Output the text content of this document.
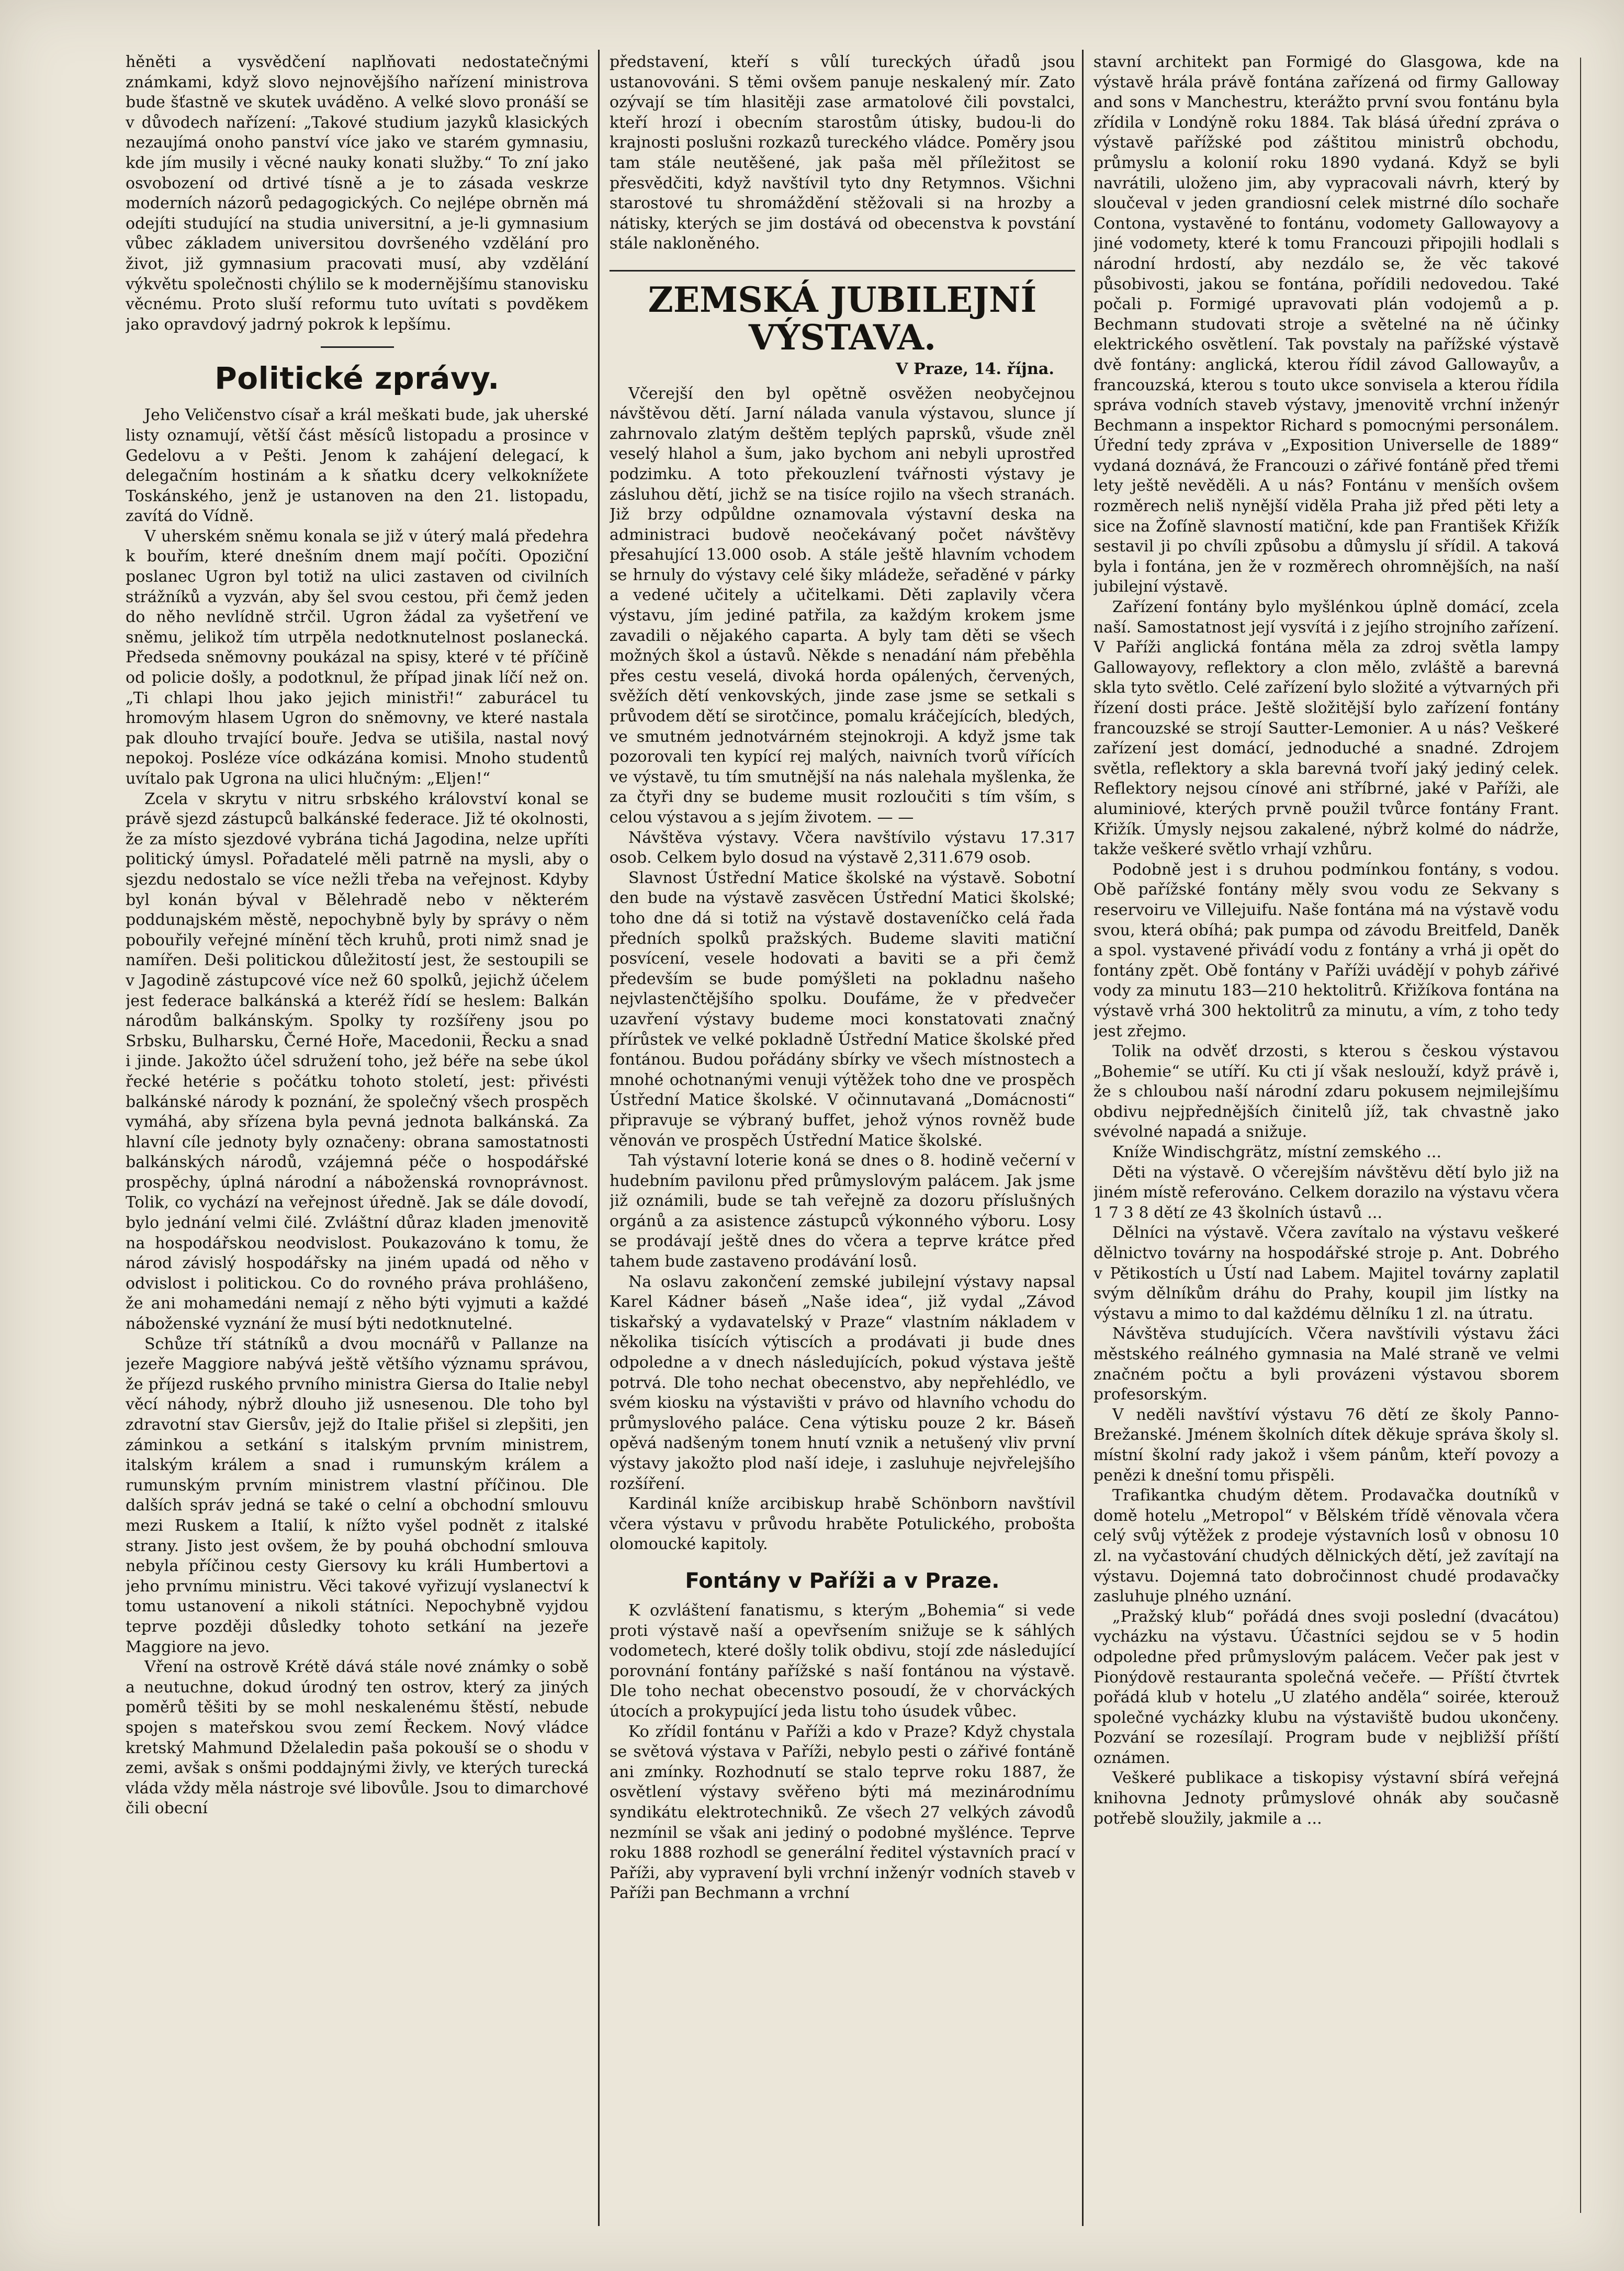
hěněti a vysvědčení naplňovati nedostatečnými známkami, když slovo nejnovějšího nařízení ministrova bude šťastně ve skutek uváděno. A velké slovo pronáší se v důvodech nařízení: „Takové studium jazyků klasických nezaujímá onoho panství více jako ve starém gymnasiu, kde jím musily i věcné nauky konati služby.“ To zní jako osvobození od drtivé tísně a je to zásada veskrze moderních názorů pedagogických. Co nejlépe obrněn má odejíti studující na studia universitní, a je-li gymnasium vůbec základem universitou dovršeného vzdělání pro život, již gymnasium pracovati musí, aby vzdělání výkvětu společnosti chýlilo se k modernějšímu stanovisku věcnému. Proto sluší reformu tuto uvítati s povděkem jako opravdový jadrný pokrok k lepšímu.

Politické zprávy.

Jeho Veličenstvo císař a král meškati bude, jak uherské listy oznamují, větší část měsíců listopadu a prosince v Gedelovu a v Pešti. Jenom k zahájení delegací, k delegačním hostinám a k sňatku dcery velkoknížete Toskánského, jenž je ustanoven na den 21. listopadu, zavítá do Vídně.

V uherském sněmu konala se již v úterý malá předehra k bouřím, které dnešním dnem mají počíti. Opoziční poslanec Ugron byl totiž na ulici zastaven od civilních strážníků a vyzván, aby šel svou cestou, při čemž jeden do něho nevlídně strčil. Ugron žádal za vyšetření ve sněmu, jelikož tím utrpěla nedotknutelnost poslanecká. Předseda sněmovny poukázal na spisy, které v té příčině od policie došly, a podotknul, že případ jinak líčí než on. „Ti chlapi lhou jako jejich ministři!“ zaburácel tu hromovým hlasem Ugron do sněmovny, ve které nastala pak dlouho trvající bouře. Jedva se utišila, nastal nový nepokoj. Posléze více odkázána komisi. Mnoho studentů uvítalo pak Ugrona na ulici hlučným: „Eljen!“

Zcela v skrytu v nitru srbského království konal se právě sjezd zástupců balkánské federace. Již té okolnosti, že za místo sjezdové vybrána tichá Jagodina, nelze upříti politický úmysl. Pořadatelé měli patrně na mysli, aby o sjezdu nedostalo se více nežli třeba na veřejnost. Kdyby byl konán býval v Bělehradě nebo v některém poddunajském městě, nepochybně byly by správy o něm pobouřily veřejné mínění těch kruhů, proti nimž snad je namířen. Deši politickou důležitostí jest, že sestoupili se v Jagodině zástupcové více než 60 spolků, jejichž účelem jest federace balkánská a kteréž řídí se heslem: Balkán národům balkánským. Spolky ty rozšířeny jsou po Srbsku, Bulharsku, Černé Hoře, Macedonii, Řecku a snad i jinde. Jakožto účel sdružení toho, jež béře na sebe úkol řecké hetérie s počátku tohoto století, jest: přivésti balkánské národy k poznání, že společný všech prospěch vymáhá, aby sřízena byla pevná jednota balkánská. Za hlavní cíle jednoty byly označeny: obrana samostatnosti balkánských národů, vzájemná péče o hospodářské prospěchy, úplná národní a náboženská rovnoprávnost. Tolik, co vychází na veřejnost úředně. Jak se dále dovodí, bylo jednání velmi čilé. Zvláštní důraz kladen jmenovitě na hospodářskou neodvislost. Poukazováno k tomu, že národ závislý hospodářsky na jiném upadá od něho v odvislost i politickou. Co do rovného práva prohlášeno, že ani mohamedáni nemají z něho býti vyjmuti a každé náboženské vyznání že musí býti nedotknutelné.

Schůze tří státníků a dvou mocnářů v Pallanze na jezeře Maggiore nabývá ještě většího významu správou, že příjezd ruského prvního ministra Giersa do Italie nebyl věcí náhody, nýbrž dlouho již usnesenou. Dle toho byl zdravotní stav Giersův, jejž do Italie přišel si zlepšiti, jen záminkou a setkání s italským prvním ministrem, italským králem a snad i rumunským králem a rumunským prvním ministrem vlastní příčinou. Dle dalších správ jedná se také o celní a obchodní smlouvu mezi Ruskem a Italií, k nížto vyšel podnět z italské strany. Jisto jest ovšem, že by pouhá obchodní smlouva nebyla příčinou cesty Giersovy ku králi Humbertovi a jeho prvnímu ministru. Věci takové vyřizují vyslanectví k tomu ustanovení a nikoli státníci. Nepochybně vyjdou teprve později důsledky tohoto setkání na jezeře Maggiore na jevo.

Vření na ostrově Krétě dává stále nové známky o sobě a neutuchne, dokud úrodný ten ostrov, který za jiných poměrů těšiti by se mohl neskalenému štěstí, nebude spojen s mateřskou svou zemí Řeckem. Nový vládce kretský Mahmund Dželaledin paša pokouší se o shodu v zemi, avšak s onšmi poddajnými živly, ve kterých turecká vláda vždy měla nástroje své libovůle. Jsou to dimarchové čili obecní

představení, kteří s vůlí tureckých úřadů jsou ustanovováni. S těmi ovšem panuje neskalený mír. Zato ozývají se tím hlasitěji zase armatolové čili povstalci, kteří hrozí i obecním starostům útisky, budou-li do krajnosti poslušni rozkazů tureckého vládce. Poměry jsou tam stále neutěšené, jak paša měl příležitost se přesvědčiti, když navštívil tyto dny Retymnos. Všichni starostové tu shromáždění stěžovali si na hrozby a nátisky, kterých se jim dostává od obecenstva k povstání stále nakloněného.

ZEMSKÁ JUBILEJNÍ VÝSTAVA.
V Praze, 14. října.

Včerejší den byl opětně osvěžen neobyčejnou návštěvou dětí. Jarní nálada vanula výstavou, slunce jí zahrnovalo zlatým deštěm teplých paprsků, všude zněl veselý hlahol a šum, jako bychom ani nebyli uprostřed podzimku. A toto překouzlení tvářnosti výstavy je zásluhou dětí, jichž se na tisíce rojilo na všech stranách. Již brzy odpůldne oznamovala výstavní deska na administraci budově neočekávaný počet návštěvy přesahující 13.000 osob. A stále ještě hlavním vchodem se hrnuly do výstavy celé šiky mládeže, seřaděné v párky a vedené učitely a učitelkami. Děti zaplavily včera výstavu, jím jediné patřila, za každým krokem jsme zavadili o nějakého caparta. A byly tam děti se všech možných škol a ústavů. Někde s nenadání nám přeběhla přes cestu veselá, divoká horda opálených, červených, svěžích dětí venkovských, jinde zase jsme se setkali s průvodem dětí se sirotčince, pomalu kráčejících, bledých, ve smutném jednotvárném stejnokroji. A když jsme tak pozorovali ten kypící rej malých, naivních tvorů vířících ve výstavě, tu tím smutnější na nás nalehala myšlenka, že za čtyři dny se budeme musit rozloučiti s tím vším, s celou výstavou a s jejím životem. — —

Návštěva výstavy. Včera navštívilo výstavu 17.317 osob. Celkem bylo dosud na výstavě 2,311.679 osob.

Slavnost Ústřední Matice školské na výstavě. Sobotní den bude na výstavě zasvěcen Ústřední Matici školské; toho dne dá si totiž na výstavě dostaveníčko celá řada předních spolků pražských. Budeme slaviti matiční posvícení, vesele hodovati a baviti se a při čemž především se bude pomýšleti na pokladnu našeho nejvlastenčtějšího spolku. Doufáme, že v předvečer uzavření výstavy budeme moci konstatovati značný přírůstek ve velké pokladně Ústřední Matice školské před fontánou. Budou pořádány sbírky ve všech místnostech a mnohé ochotnanými venuji výtěžek toho dne ve prospěch Ústřední Matice školské. V očinnutavaná „Domácnosti“ připravuje se výbraný buffet, jehož výnos rovněž bude věnován ve prospěch Ústřední Matice školské.

Tah výstavní loterie koná se dnes o 8. hodině večerní v hudebním pavilonu před průmyslovým palácem. Jak jsme již oznámili, bude se tah veřejně za dozoru příslušných orgánů a za asistence zástupců výkonného výboru. Losy se prodávají ještě dnes do včera a teprve krátce před tahem bude zastaveno prodávání losů.

Na oslavu zakončení zemské jubilejní výstavy napsal Karel Kádner báseň „Naše idea“, již vydal „Závod tiskařský a vydavatelský v Praze“ vlastním nákladem v několika tisících výtiscích a prodávati ji bude dnes odpoledne a v dnech následujících, pokud výstava ještě potrvá. Dle toho nechat obecenstvo, aby nepřehlédlo, ve svém kiosku na výstavišti v právo od hlavního vchodu do průmyslového paláce. Cena výtisku pouze 2 kr. Báseň opěvá nadšeným tonem hnutí vznik a netušený vliv první výstavy jakožto plod naší ideje, i zasluhuje nejvřelejšího rozšíření.

Kardinál kníže arcibiskup hrabě Schönborn navštívil včera výstavu v průvodu hraběte Potulického, probošta olomoucké kapitoly.

Fontány v Paříži a v Praze.

K ozvláštení fanatismu, s kterým „Bohemia“ si vede proti výstavě naší a opevřsením snižuje se k sáhlých vodometech, které došly tolik obdivu, stojí zde následující porovnání fontány pařížské s naší fontánou na výstavě. Dle toho nechat obecenstvo posoudí, že v chorváckých útocích a prokypující jeda listu toho úsudek vůbec.

Ko zřídil fontánu v Paříži a kdo v Praze? Když chystala se světová výstava v Paříži, nebylo pesti o zářivé fontáně ani zmínky. Rozhodnutí se stalo teprve roku 1887, že osvětlení výstavy svěřeno býti má mezinárodnímu syndikátu elektrotechniků. Ze všech 27 velkých závodů nezmínil se však ani jediný o podobné myšlénce. Teprve roku 1888 rozhodl se generální ředitel výstavních prací v Paříži, aby vypravení byli vrchní inženýr vodních staveb v Paříži pan Bechmann a vrchní

stavní architekt pan Formigé do Glasgowa, kde na výstavě hrála právě fontána zařízená od firmy Galloway and sons v Manchestru, kterážto první svou fontánu byla zřídila v Londýně roku 1884. Tak blásá úřední zpráva o výstavě pařížské pod záštitou ministrů obchodu, průmyslu a kolonií roku 1890 vydaná. Když se byli navrátili, uloženo jim, aby vypracovali návrh, který by sloučeval v jeden grandiosní celek mistrné dílo sochaře Contona, vystavěné to fontánu, vodomety Gallowayovy a jiné vodomety, které k tomu Francouzi připojili hodlali s národní hrdostí, aby nezdálo se, že věc takové působivosti, jakou se fontána, pořídili nedovedou. Také počali p. Formigé upravovati plán vodojemů a p. Bechmann studovati stroje a světelné na ně účinky elektrického osvětlení. Tak povstaly na pařížské výstavě dvě fontány: anglická, kterou řídil závod Gallowayův, a francouzská, kterou s touto ukce sonvisela a kterou řídila správa vodních staveb výstavy, jmenovitě vrchní inženýr Bechmann a inspektor Richard s pomocnými personálem. Úřední tedy zpráva v „Exposition Universelle de 1889“ vydaná doznává, že Francouzi o zářivé fontáně před třemi lety ještě nevěděli. A u nás? Fontánu v menších ovšem rozměrech neliš nynější viděla Praha již před pěti lety a sice na Žofíně slavností matiční, kde pan František Křižík sestavil ji po chvíli způsobu a důmyslu jí sřídil. A taková byla i fontána, jen že v rozměrech ohromnějších, na naší jubilejní výstavě.

Zařízení fontány bylo myšlénkou úplně domácí, zcela naší. Samostatnost její vysvítá i z jejího strojního zařízení. V Paříži anglická fontána měla za zdroj světla lampy Gallowayovy, reflektory a clon mělo, zvláště a barevná skla tyto světlo. Celé zařízení bylo složité a výtvarných při řízení dosti práce. Ještě složitější bylo zařízení fontány francouzské se strojí Sautter-Lemonier. A u nás? Veškeré zařízení jest domácí, jednoduché a snadné. Zdrojem světla, reflektory a skla barevná tvoří jaký jediný celek. Reflektory nejsou cínové ani stříbrné, jaké v Paříži, ale aluminiové, kterých prvně použil tvůrce fontány Frant. Křižík. Úmysly nejsou zakalené, nýbrž kolmé do nádrže, takže veškeré světlo vrhají vzhůru.

Podobně jest i s druhou podmínkou fontány, s vodou. Obě pařížské fontány měly svou vodu ze Sekvany s reservoiru ve Villejuifu. Naše fontána má na výstavě vodu svou, která obíhá; pak pumpa od závodu Breitfeld, Daněk a spol. vystavené přivádí vodu z fontány a vrhá ji opět do fontány zpět. Obě fontány v Paříži uvádějí v pohyb zářivé vody za minutu 183—210 hektolitrů. Křižíkova fontána na výstavě vrhá 300 hektolitrů za minutu, a vím, z toho tedy jest zřejmo.

Tolik na odvěť drzosti, s kterou s českou výstavou „Bohemie“ se utíří. Ku cti jí však neslouží, když právě i, že s chloubou naší národní zdaru pokusem nejmilejšímu obdivu nejpřednějších činitelů jíž, tak chvastně jako svévolné napadá a snižuje.

Kníže Windischgrätz, místní zemského ...

Děti na výstavě. O včerejším návštěvu dětí bylo již na jiném místě referováno. Celkem dorazilo na výstavu včera 1 7 3 8 dětí ze 43 školních ústavů ...

Dělníci na výstavě. Včera zavítalo na výstavu veškeré dělnictvo továrny na hospodářské stroje p. Ant. Dobrého v Pětikostích u Ústí nad Labem. Majitel továrny zaplatil svým dělníkům dráhu do Prahy, koupil jim lístky na výstavu a mimo to dal každému dělníku 1 zl. na útratu.

Návštěva studujících. Včera navštívili výstavu žáci městského reálného gymnasia na Malé straně ve velmi značném počtu a byli provázeni výstavou sborem profesorským.

V neděli navštíví výstavu 76 dětí ze školy Panno-Brežanské. Jménem školních dítek děkuje správa školy sl. místní školní rady jakož i všem pánům, kteří povozy a penězi k dnešní tomu přispěli.

Trafikantka chudým dětem. Prodavačka doutníků v domě hotelu „Metropol“ v Bělském třídě věnovala včera celý svůj výtěžek z prodeje výstavních losů v obnosu 10 zl. na vyčastování chudých dělnických dětí, jež zavítají na výstavu. Dojemná tato dobročinnost chudé prodavačky zasluhuje plného uznání.

„Pražský klub“ pořádá dnes svoji poslední (dvacátou) vycházku na výstavu. Účastníci sejdou se v 5 hodin odpoledne před průmyslovým palácem. Večer pak jest v Pionýdově restauranta společná večeře. — Příští čtvrtek pořádá klub v hotelu „U zlatého anděla“ soirée, kterouž společné vycházky klubu na výstaviště budou ukončeny. Pozvání se rozesílají. Program bude v nejbližší příští oznámen.

Veškeré publikace a tiskopisy výstavní sbírá veřejná knihovna Jednoty průmyslové ohnák aby současně potřebě sloužily, jakmile a ...
